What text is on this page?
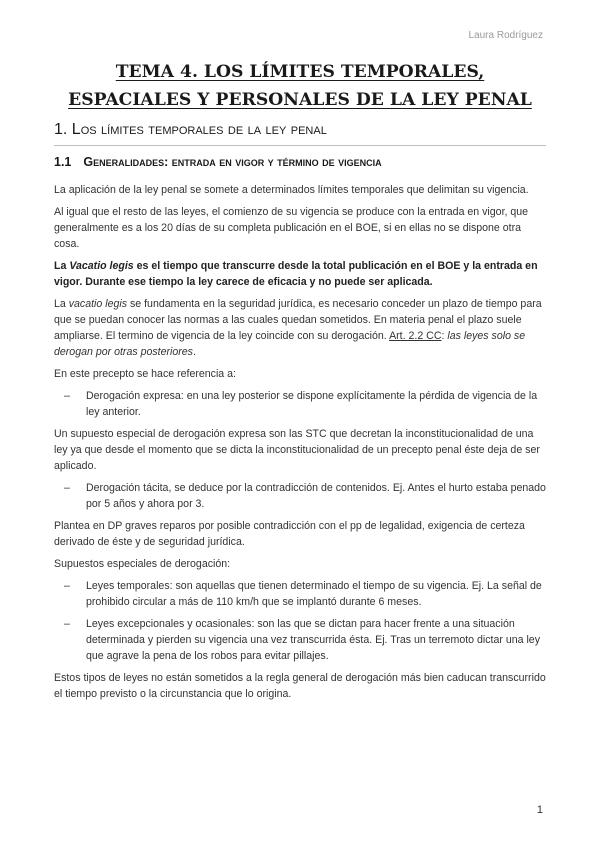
Laura Rodríguez
TEMA 4. LOS LÍMITES TEMPORALES, ESPACIALES Y PERSONALES DE LA LEY PENAL
1. Los límites temporales de la ley penal
1.1 Generalidades: entrada en vigor y término de vigencia

La aplicación de la ley penal se somete a determinados límites temporales que delimitan su vigencia.

Al igual que el resto de las leyes, el comienzo de su vigencia se produce con la entrada en vigor, que generalmente es a los 20 días de su completa publicación en el BOE, si en ellas no se dispone otra cosa.

La Vacatio legis es el tiempo que transcurre desde la total publicación en el BOE y la entrada en vigor. Durante ese tiempo la ley carece de eficacia y no puede ser aplicada.

La vacatio legis se fundamenta en la seguridad jurídica, es necesario conceder un plazo de tiempo para que se puedan conocer las normas a las cuales quedan sometidos. En materia penal el plazo suele ampliarse. El termino de vigencia de la ley coincide con su derogación. Art. 2.2 CC: las leyes solo se derogan por otras posteriores.

En este precepto se hace referencia a:

–	Derogación expresa: en una ley posterior se dispone explícitamente la pérdida de vigencia de la ley anterior.

Un supuesto especial de derogación expresa son las STC que decretan la inconstitucionalidad de una ley ya que desde el momento que se dicta la inconstitucionalidad de un precepto penal éste deja de ser aplicado.

–	Derogación tácita, se deduce por la contradicción de contenidos. Ej. Antes el hurto estaba penado por 5 años y ahora por 3.

Plantea en DP graves reparos por posible contradicción con el pp de legalidad, exigencia de certeza derivado de éste y de seguridad jurídica.

Supuestos especiales de derogación:

–	Leyes temporales: son aquellas que tienen determinado el tiempo de su vigencia. Ej. La señal de prohibido circular a más de 110 km/h que se implantó durante 6 meses.
–	Leyes excepcionales y ocasionales: son las que se dictan para hacer frente a una situación determinada y pierden su vigencia una vez transcurrida ésta. Ej. Tras un terremoto dictar una ley que agrave la pena de los robos para evitar pillajes.

Estos tipos de leyes no están sometidos a la regla general de derogación más bien caducan transcurrido el tiempo previsto o la circunstancia que lo origina.

1
